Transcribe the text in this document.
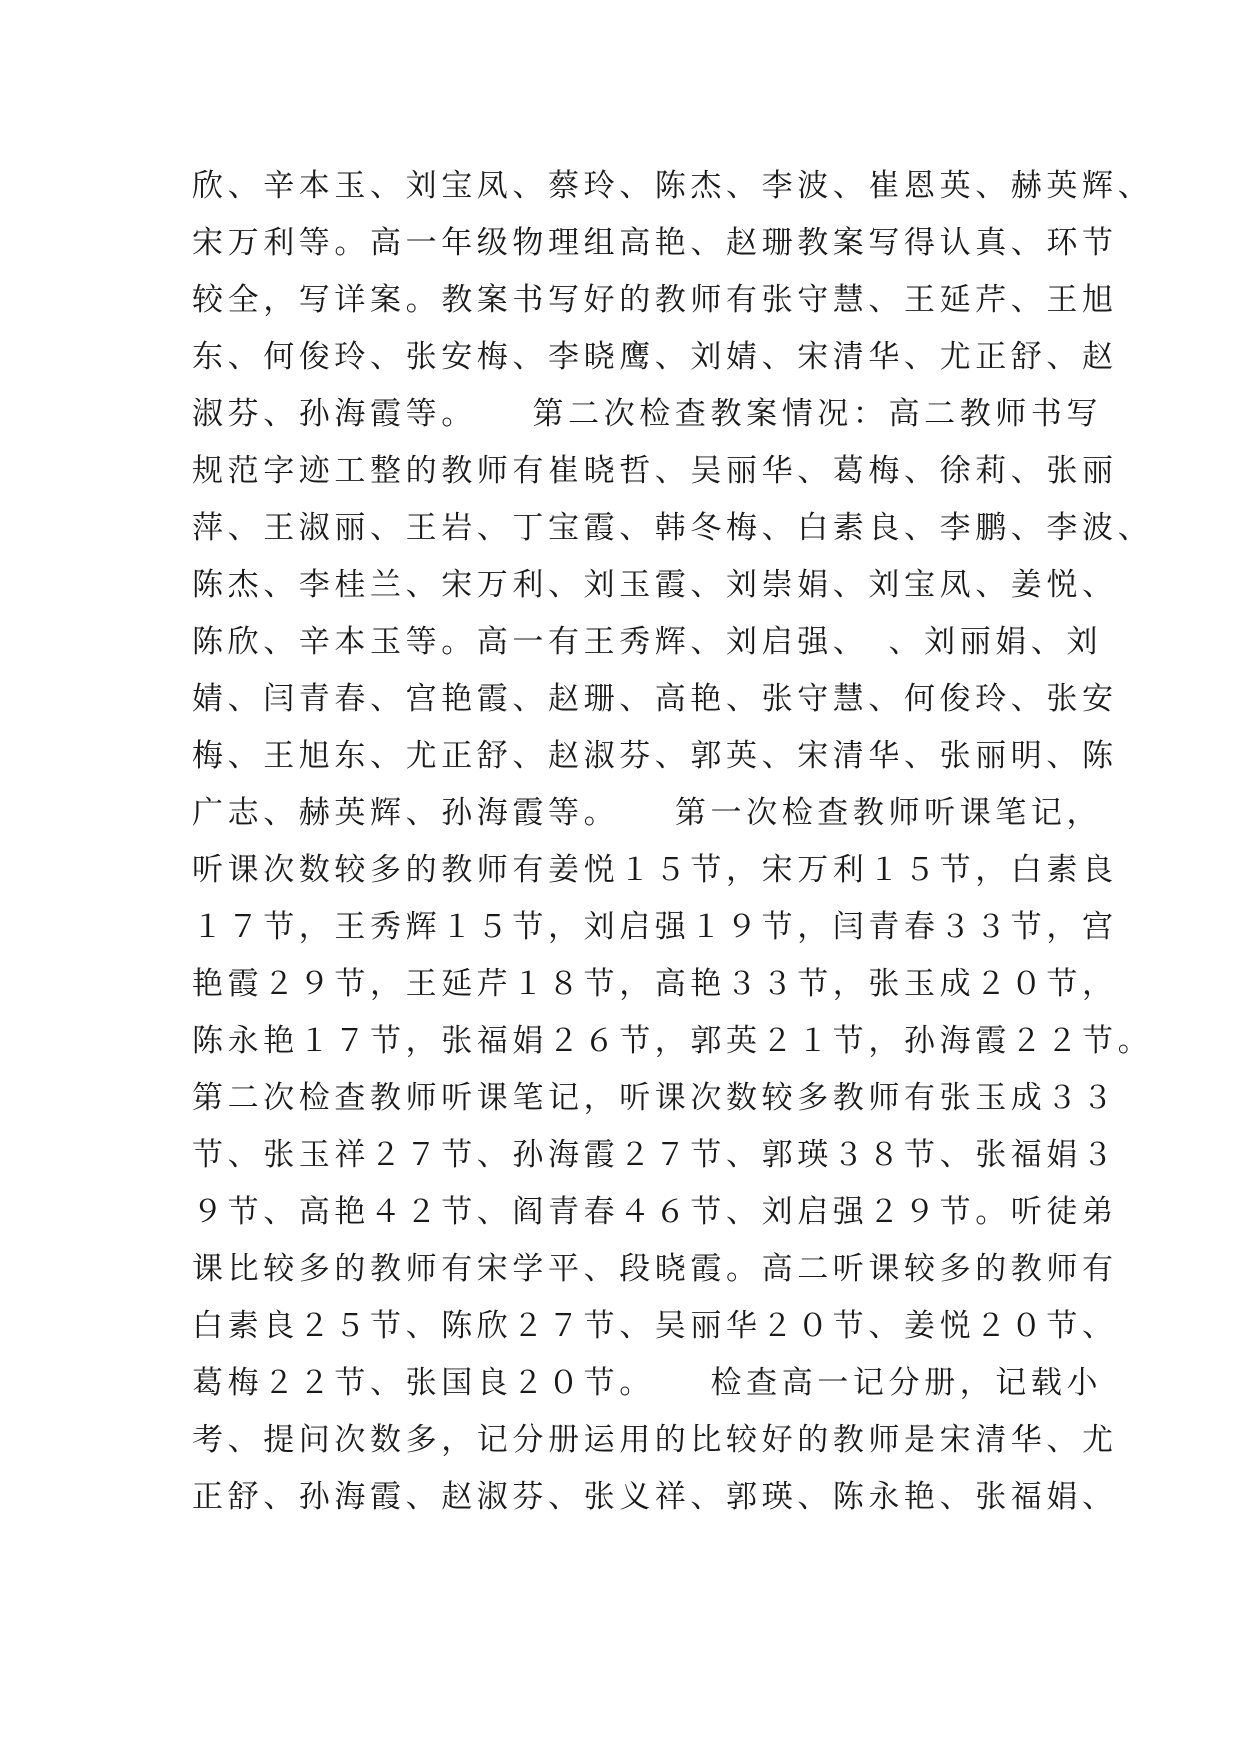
欣、辛本玉、刘宝凤、蔡玲、陈杰、李波、崔恩英、赫英辉、
宋万利等。高一年级物理组高艳、赵珊教案写得认真、环节
较全，写详案。教案书写好的教师有张守慧、王延芹、王旭
东、何俊玲、张安梅、李晓鹰、刘婧、宋清华、尤正舒、赵
淑芬、孙海霞等。　　第二次检查教案情况：高二教师书写
规范字迹工整的教师有崔晓哲、吴丽华、葛梅、徐莉、张丽
萍、王淑丽、王岩、丁宝霞、韩冬梅、白素良、李鹏、李波、
陈杰、李桂兰、宋万利、刘玉霞、刘崇娟、刘宝凤、姜悦、
陈欣、辛本玉等。高一有王秀辉、刘启强、　、刘丽娟、刘
婧、闫青春、宫艳霞、赵珊、高艳、张守慧、何俊玲、张安
梅、王旭东、尤正舒、赵淑芬、郭英、宋清华、张丽明、陈
广志、赫英辉、孙海霞等。　　第一次检查教师听课笔记，
听课次数较多的教师有姜悦１５节，宋万利１５节，白素良
１７节，王秀辉１５节，刘启强１９节，闫青春３３节，宫
艳霞２９节，王延芹１８节，高艳３３节，张玉成２０节，
陈永艳１７节，张福娟２６节，郭英２１节，孙海霞２２节。
第二次检查教师听课笔记，听课次数较多教师有张玉成３３
节、张玉祥２７节、孙海霞２７节、郭瑛３８节、张福娟３
９节、高艳４２节、阎青春４６节、刘启强２９节。听徒弟
课比较多的教师有宋学平、段晓霞。高二听课较多的教师有
白素良２５节、陈欣２７节、吴丽华２０节、姜悦２０节、
葛梅２２节、张国良２０节。　　检查高一记分册，记载小
考、提问次数多，记分册运用的比较好的教师是宋清华、尤
正舒、孙海霞、赵淑芬、张义祥、郭瑛、陈永艳、张福娟、
